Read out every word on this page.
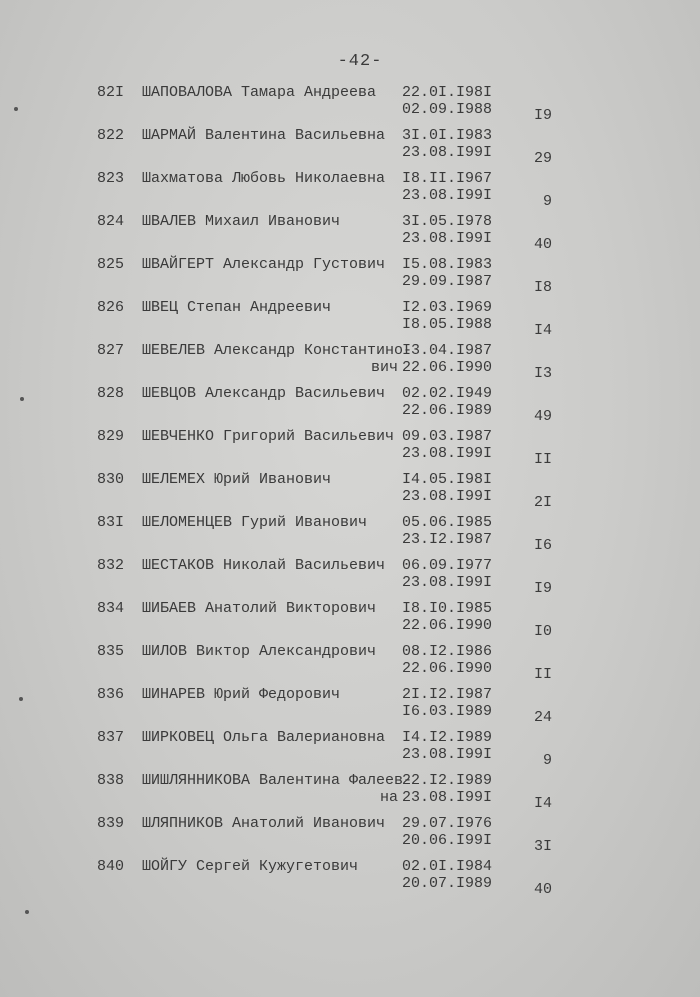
-42-
82I ШАПОВАЛОВА Тамара Андреева 22.0I.I98I
02.09.I988	I9
822 ШАРМАЙ Валентина Васильевна 3I.0I.I983
23.08.I99I	29
823 Шахматова Любовь Николаевна I8.II.I967
23.08.I99I	9
824 ШВАЛЕВ Михаил Иванович	3I.05.I978
23.08.I99I	40
825 ШВАЙГЕРТ Александр Густович I5.08.I983
29.09.I987	I8
826 ШВЕЦ Степан Андреевич	I2.03.I969
I8.05.I988	I4
827 ШЕВЕЛЕВ Александр Константино-
вич
I3.04.I987
22.06.I990	I3
828 ШЕВЦОВ Александр Васильевич 02.02.I949
22.06.I989	49
829 ШЕВЧЕНКО Григорий Васильевич 09.03.I987
23.08.I99I	II
830 ШЕЛЕМЕХ Юрий Иванович	I4.05.I98I
23.08.I99I	2I
83I ШЕЛОМЕНЦЕВ Гурий Иванович 05.06.I985
23.I2.I987	I6
832 ШЕСТАКОВ Николай Васильевич 06.09.I977
23.08.I99I	I9
834 ШИБАЕВ Анатолий Викторович I8.I0.I985
22.06.I990	I0
835 ШИЛОВ Виктор Александрович 08.I2.I986
22.06.I990	II
836 ШИНАРЕВ Юрий Федорович	2I.I2.I987
I6.03.I989	24
837 ШИРКОВЕЦ Ольга Валериановна I4.I2.I989
23.08.I99I	9
838 ШИШЛЯННИКОВА Валентина Фалеев-
на
22.I2.I989
23.08.I99I	I4
839 ШЛЯПНИКОВ Анатолий Иванович 29.07.I976
20.06.I99I	3I
840 ШОЙГУ Сергей Кужугетович	02.0I.I984
20.07.I989	40
